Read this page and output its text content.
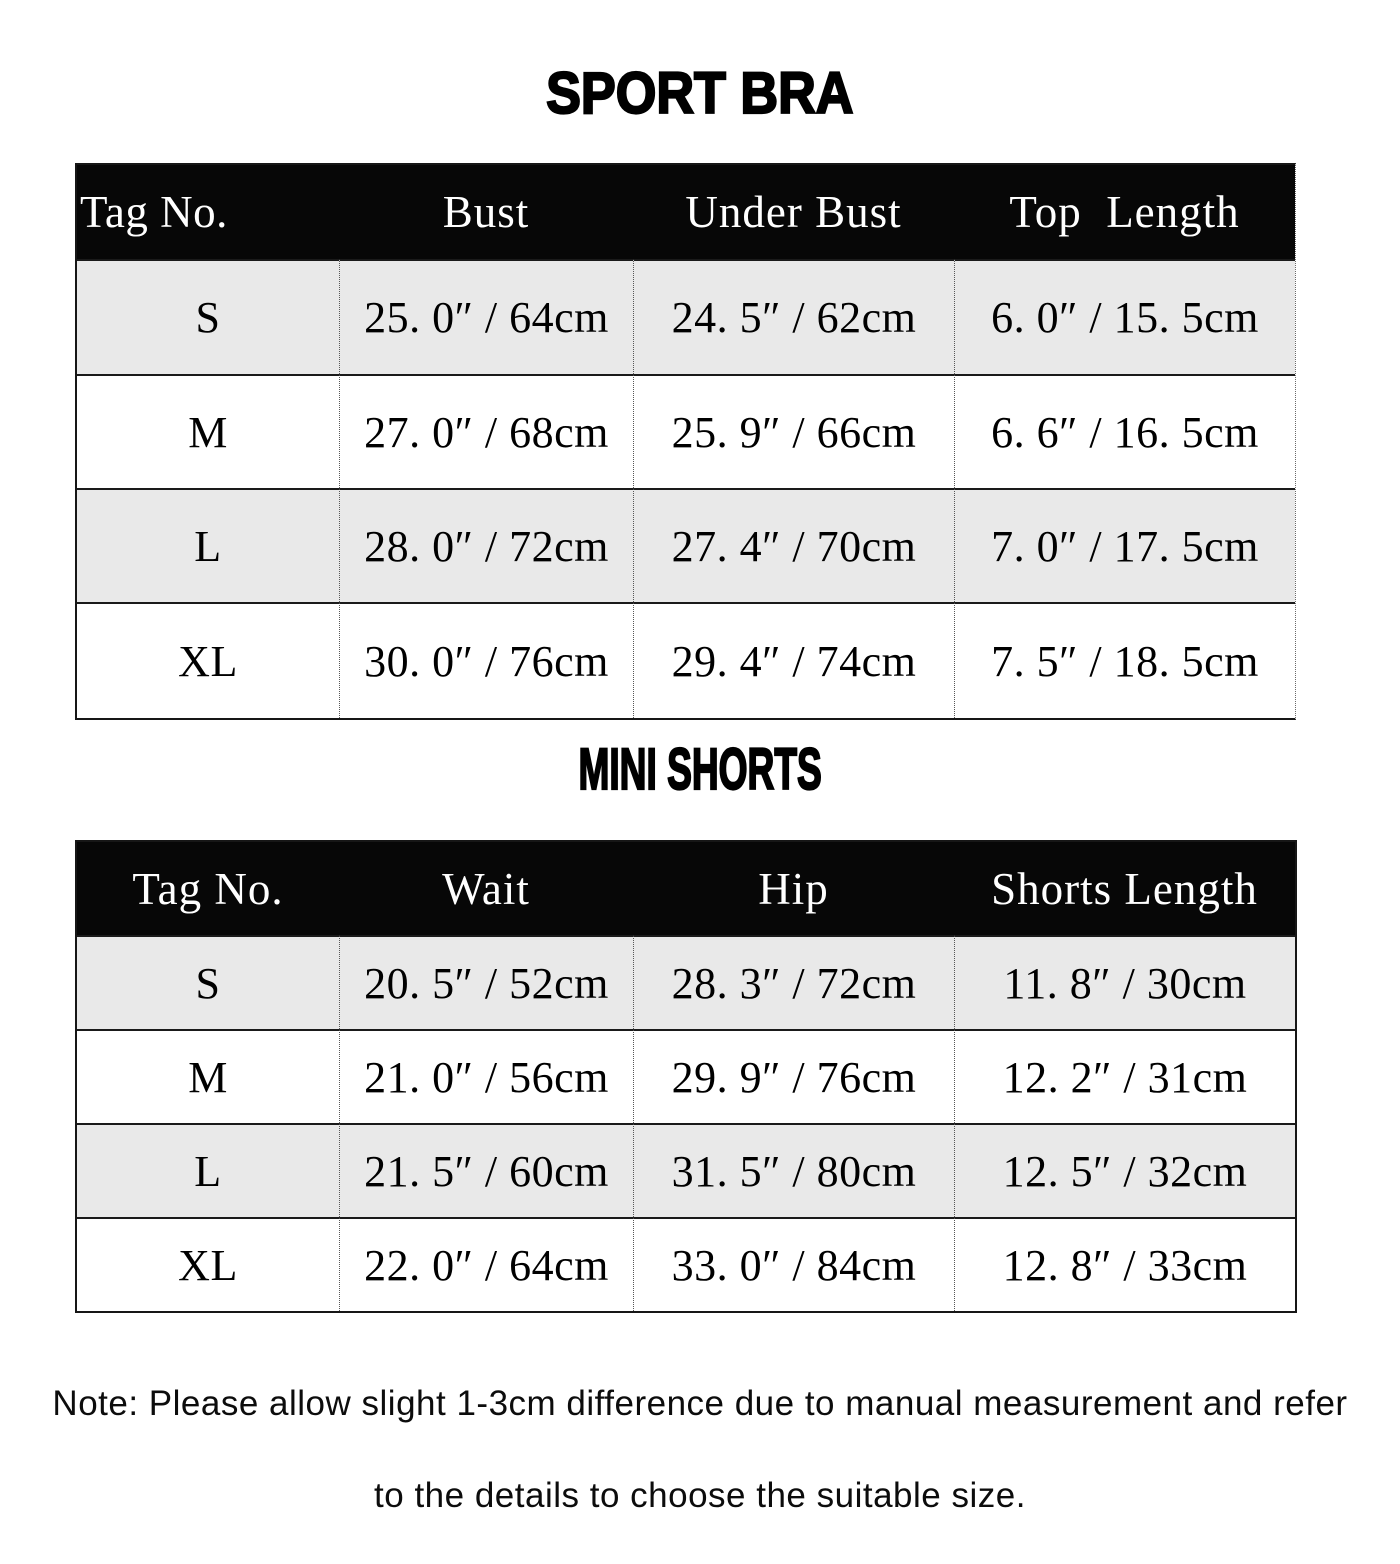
SPORT BRA
Tag No.	Bust	Under Bust	Top  Length
S	25. 0″ / 64cm	24. 5″ / 62cm	6. 0″ / 15. 5cm
M	27. 0″ / 68cm	25. 9″ / 66cm	6. 6″ / 16. 5cm
L	28. 0″ / 72cm	27. 4″ / 70cm	7. 0″ / 17. 5cm
XL	30. 0″ / 76cm	29. 4″ / 74cm	7. 5″ / 18. 5cm
MINI SHORTS
Tag No.	Wait	Hip	Shorts Length
S	20. 5″ / 52cm	28. 3″ / 72cm	11. 8″ / 30cm
M	21. 0″ / 56cm	29. 9″ / 76cm	12. 2″ / 31cm
L	21. 5″ / 60cm	31. 5″ / 80cm	12. 5″ / 32cm
XL	22. 0″ / 64cm	33. 0″ / 84cm	12. 8″ / 33cm
Note: Please allow slight 1-3cm difference due to manual measurement and refer
to the details to choose the suitable size.
